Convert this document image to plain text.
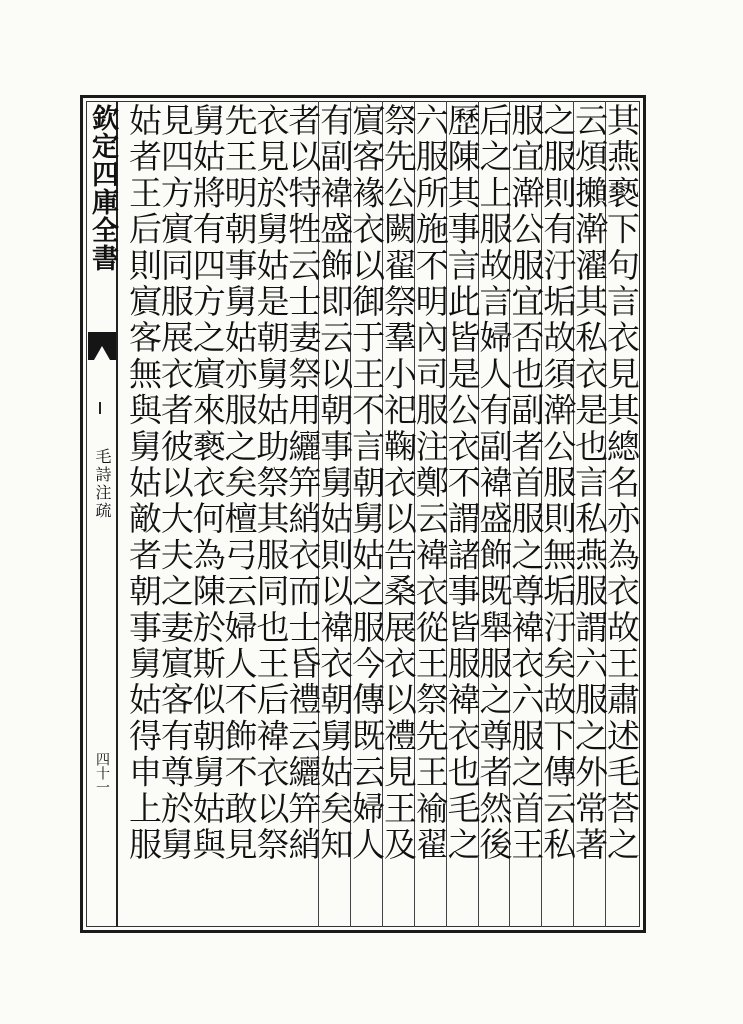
欽定四庫全書
毛詩注疏
四十一	其燕褻下句言衣見其總名亦為衣故王肅述毛荅之
云煩攋澣濯其私衣是也言私燕服謂六服之外常著
之服則有汙垢故須澣公服則無垢汙矣故下傳云私
服宜澣公服宜否也副者首服之尊褘衣六服之首王
后之上服故言婦人有副褘盛飾既舉服之尊者然後
歷陳其事言此皆是公衣不謂諸事皆服褘衣也毛之
六服所施不明內司服注鄭云褘衣從王祭先王褕翟
祭先公闕翟祭羣小祀鞠衣以告桑展衣以禮見王及
賔客褖衣以御于王不言朝舅姑之服今傳既云婦人
有副褘盛飾即云以朝事舅姑則以褘衣朝舅姑矣知
者以特牲云士妻祭用纚笄綃衣而士昏禮云纚笄綃
衣見於舅姑是朝舅姑助祭其服同也王后褘衣以祭
先王明朝事舅姑亦服之矣檀弓云婦人不飾不敢見
舅姑將有四方之賔來褻衣何為陳於斯似朝舅姑與
見四方賔同服展衣者彼以大夫之妻賔客有尊於舅
姑者王后則賔客無與舅姑敵者朝事舅姑得申上服
